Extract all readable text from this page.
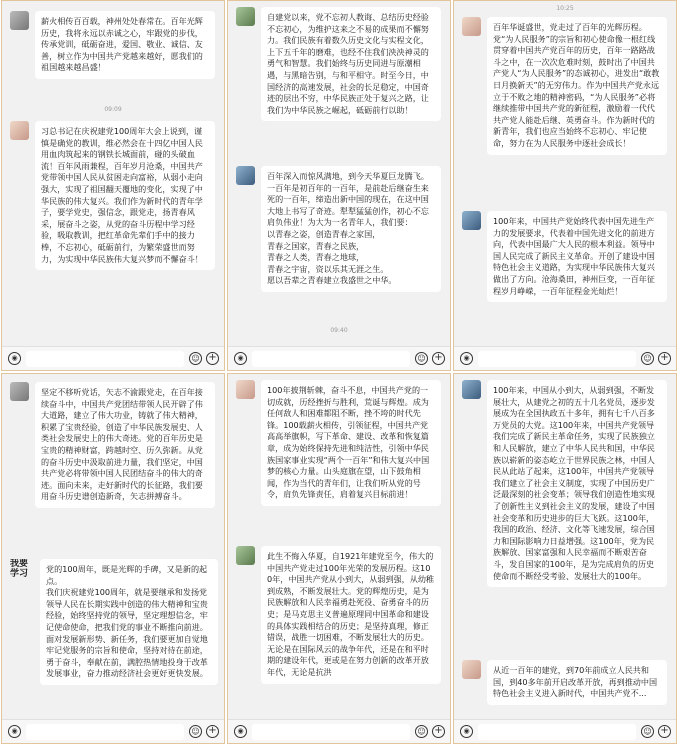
薪火相传百百载，神州处处春常在。百年光辉历史，我将永远以赤诚之心，牢跟党的步伐，传承党训，砥砺奋进，爱国、敬业、诚信、友善，树立作为中国共产党越来越好，愿我们的祖国越来越昌盛！
09:09
习总书记在庆祝建党100周年大会上说到，谨慎是确党的教训，维必然会在十四亿中国人民用血肉筑起来的钢铁长城面前，碰的头破血流！百年风雨兼程，百年岁月沧桑，中国共产党带领中国人民从贫困走向富裕，从弱小走向强大，实现了祖国翻天覆地的变化，实现了中华民族的伟大复兴。我们作为新时代的青年学子，要学党史，强信念，跟党走，扬青春风采，展奋斗之姿，从党的奋斗历程中学习经验，吸取教训，把红革命先辈们手中的接力棒，不忘初心，砥砺前行，为繁荣盛世而努力，为实现中华民族伟大复兴梦而不懈奋斗！
◉	☺ +
自建党以来，党不忘初人教诲、总结历史经验不忘初心，为维护这来之不易的成果而不懈努力。我们民族有着数久历史文化与实程文化，上下五千年的磨难，也经不住我们泱泱神灵的勇气和智慧。我们始终与历史同进与原潮相遇，与黑暗告别，与和平相守。时至今日，中国经济的高速发展，社会的长足稳定，中国奇迹的层出不穷，中华民族正处于复兴之路，让我们为中华民族之崛起，砥砺前行以助！
百年深入而惊风满地，到今天华夏巨龙腾飞。一百年是初百年的一百年，是前赴后继奋生来死的一百年，缔造出新中国的现在，在这中国大地上书写了奇迹。犁犁猛猛创作，初心不忘肩负伟业！为大为一名青年人，我们要：
以青春之姿，创造青春之家国，
青春之国家，青春之民族，
青春之人类，青春之地球，
青春之宇宙，资以乐其无涯之生。
愿以吾辈之青春建立我盛世之中华。
09:40
◉	☺ +
10:25
百年华诞盛世，党走过了百年的光辉历程。党“为人民服务”的宗旨和初心使命像一根红线贯穿着中国共产党百年的历史，百年一路路战斗之中，在一次次危难时刻，鼓时出了中国共产党人“为人民服务”的态诚初心，进发出“敢教日月换新天”的无穷伟力。作为中国共产党永远立于不败之地的精神密码，“为人民服务”必将继续推带中国共产党的新征程，激励着一代代共产党人能赴后继、英勇奋斗。作为新时代的新青年，我们也应当始终不忘初心、牢记使命，努力在为人民服务中逐社会成长！
100年来，中国共产党始终代表中国先进生产力的发展要求，代表着中国先进文化的前进方向，代表中国最广大人民的根本利益。领导中国人民完成了新民主义革命。开创了建设中国特色社会主义道路，为实现中华民族伟大复兴做出了方向。沧海桑田，神州巨变，一百年征程岁月峥嵘，一百年征程金光灿烂！
◉	☺ +
坚定不移听党话，矢志不渝跟党走，在百年接续奋斗中，中国共产党团结带领人民开辟了伟大道路，建立了伟大功业，铸就了伟大精神，积累了宝贵经验，创造了中华民族发展史、人类社会发展史上的伟大奇迹。党的百年历史是宝贵的精神财富，跨越时空、历久弥新。从党的奋斗历史中汲取前进力量，我们坚定，中国共产党必将带领中国人民团结奋斗的伟大的奇迹。面向未来，走好新时代的长征路，我们要用奋斗历史谱创造新奇，矢志拼搏奋斗。
我要学习	党的100周年，既是光辉的手碑，又是新的起点。
我们庆祝建党100周年，就是要继承和发扬党领导人民在长期实践中创造的伟大精神和宝贵经验，始终坚持党的领导，坚定理想信念，牢记使命使命，把我们党的事业不断推向前进。面对发展新形势、新任务，我们要更加自觉地牢记党服务的宗旨和使命，坚持对待在前途，勇于奋斗，奉献在前，满腔热情地投身于改革发展事业，奋力推动经济社会更好更快发展。
◉	☺ +
100年披荆斩棘，奋斗不息，中国共产党的一切成就，历经挫折与胜利，荒诞与辉煌。成为任何敌人和困难都阻不断，挫不垮的时代先锋。100载薪火相传，引领征程，中国共产党高高举旗帜，写下革命、建设、改革和恢复篇章，成为始终保持先进和纯洁性，引领中华民族国家事业实现“两个一百年”和伟大复兴中国梦的核心力量。山头庭旗在望，山下鼓角相闻，作为当代的青年们，让我们听从党的号令，肩负先锋责任，肩着复兴目标前进！
此生不悔入华夏，自1921年建党至今，伟大的中国共产党走过100年光荣的发展历程。这100年，中国共产党从小到大，从弱到强，从幼稚到成熟，不断发展壮大。党的辉煌历史，是为民族解放和人民幸福勇赴死役、奋勇奋斗的历史；是马克思主义普遍原理同中国革命和建设的具体实践相结合的历史；是坚持真理，修正错误，战胜一切困难，不断发展壮大的历史。无论是在国际风云的战争年代，还是在和平时期的建设年代，更或是在努力创新的改革开放年代，无论是抗洪
◉	☺ +
100年来，中国从小到大，从弱到强，不断发展壮大，从建党之初的五十几名党员，逐步发展成为在全国执政五十多年，拥有七千八百多万党员的大党。这100年来，中国共产党领导我们完成了新民主革命任务，实现了民族独立和人民解放，建立了中华人民共和国，中华民族以崭新的姿态屹立于世界民族之林，中国人民从此站了起来，这100年，中国共产党领导我们建立了社会主义制度，实现了中国历史广泛最深刻的社会变革；领导我们创造性地实现了创新性主义到社会主义的发展，建设了中国社会变革和历史进步的巨大飞跃。这100年，我国的政治、经济、文化等飞速发展，综合国力和国际影响力日益增强。这100年，党为民族解放、国家富强和人民幸福而不断艰苦奋斗，发自国家的100年，是为完成肩负的历史使命而不断经受考验、发展壮大的100年。
从近一百年的建党，到70年前成立人民共和国，到40多年前开启改革开放，再到推动中国特色社会主义进入新时代，中国共产党不...
◉	☺ +
